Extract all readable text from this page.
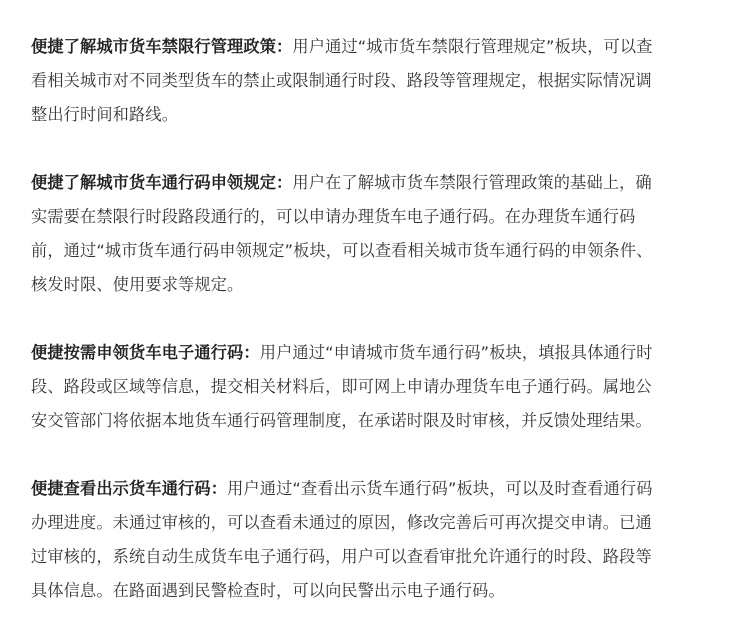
便捷了解城市货车禁限行管理政策：用户通过“城市货车禁限行管理规定”板块，可以查
看相关城市对不同类型货车的禁止或限制通行时段、路段等管理规定，根据实际情况调
整出行时间和路线。
便捷了解城市货车通行码申领规定：用户在了解城市货车禁限行管理政策的基础上，确
实需要在禁限行时段路段通行的，可以申请办理货车电子通行码。在办理货车通行码
前，通过“城市货车通行码申领规定”板块，可以查看相关城市货车通行码的申领条件、
核发时限、使用要求等规定。
便捷按需申领货车电子通行码：用户通过“申请城市货车通行码”板块，填报具体通行时
段、路段或区域等信息，提交相关材料后，即可网上申请办理货车电子通行码。属地公
安交管部门将依据本地货车通行码管理制度，在承诺时限及时审核，并反馈处理结果。
便捷查看出示货车通行码：用户通过“查看出示货车通行码”板块，可以及时查看通行码
办理进度。未通过审核的，可以查看未通过的原因，修改完善后可再次提交申请。已通
过审核的，系统自动生成货车电子通行码，用户可以查看审批允许通行的时段、路段等
具体信息。在路面遇到民警检查时，可以向民警出示电子通行码。
